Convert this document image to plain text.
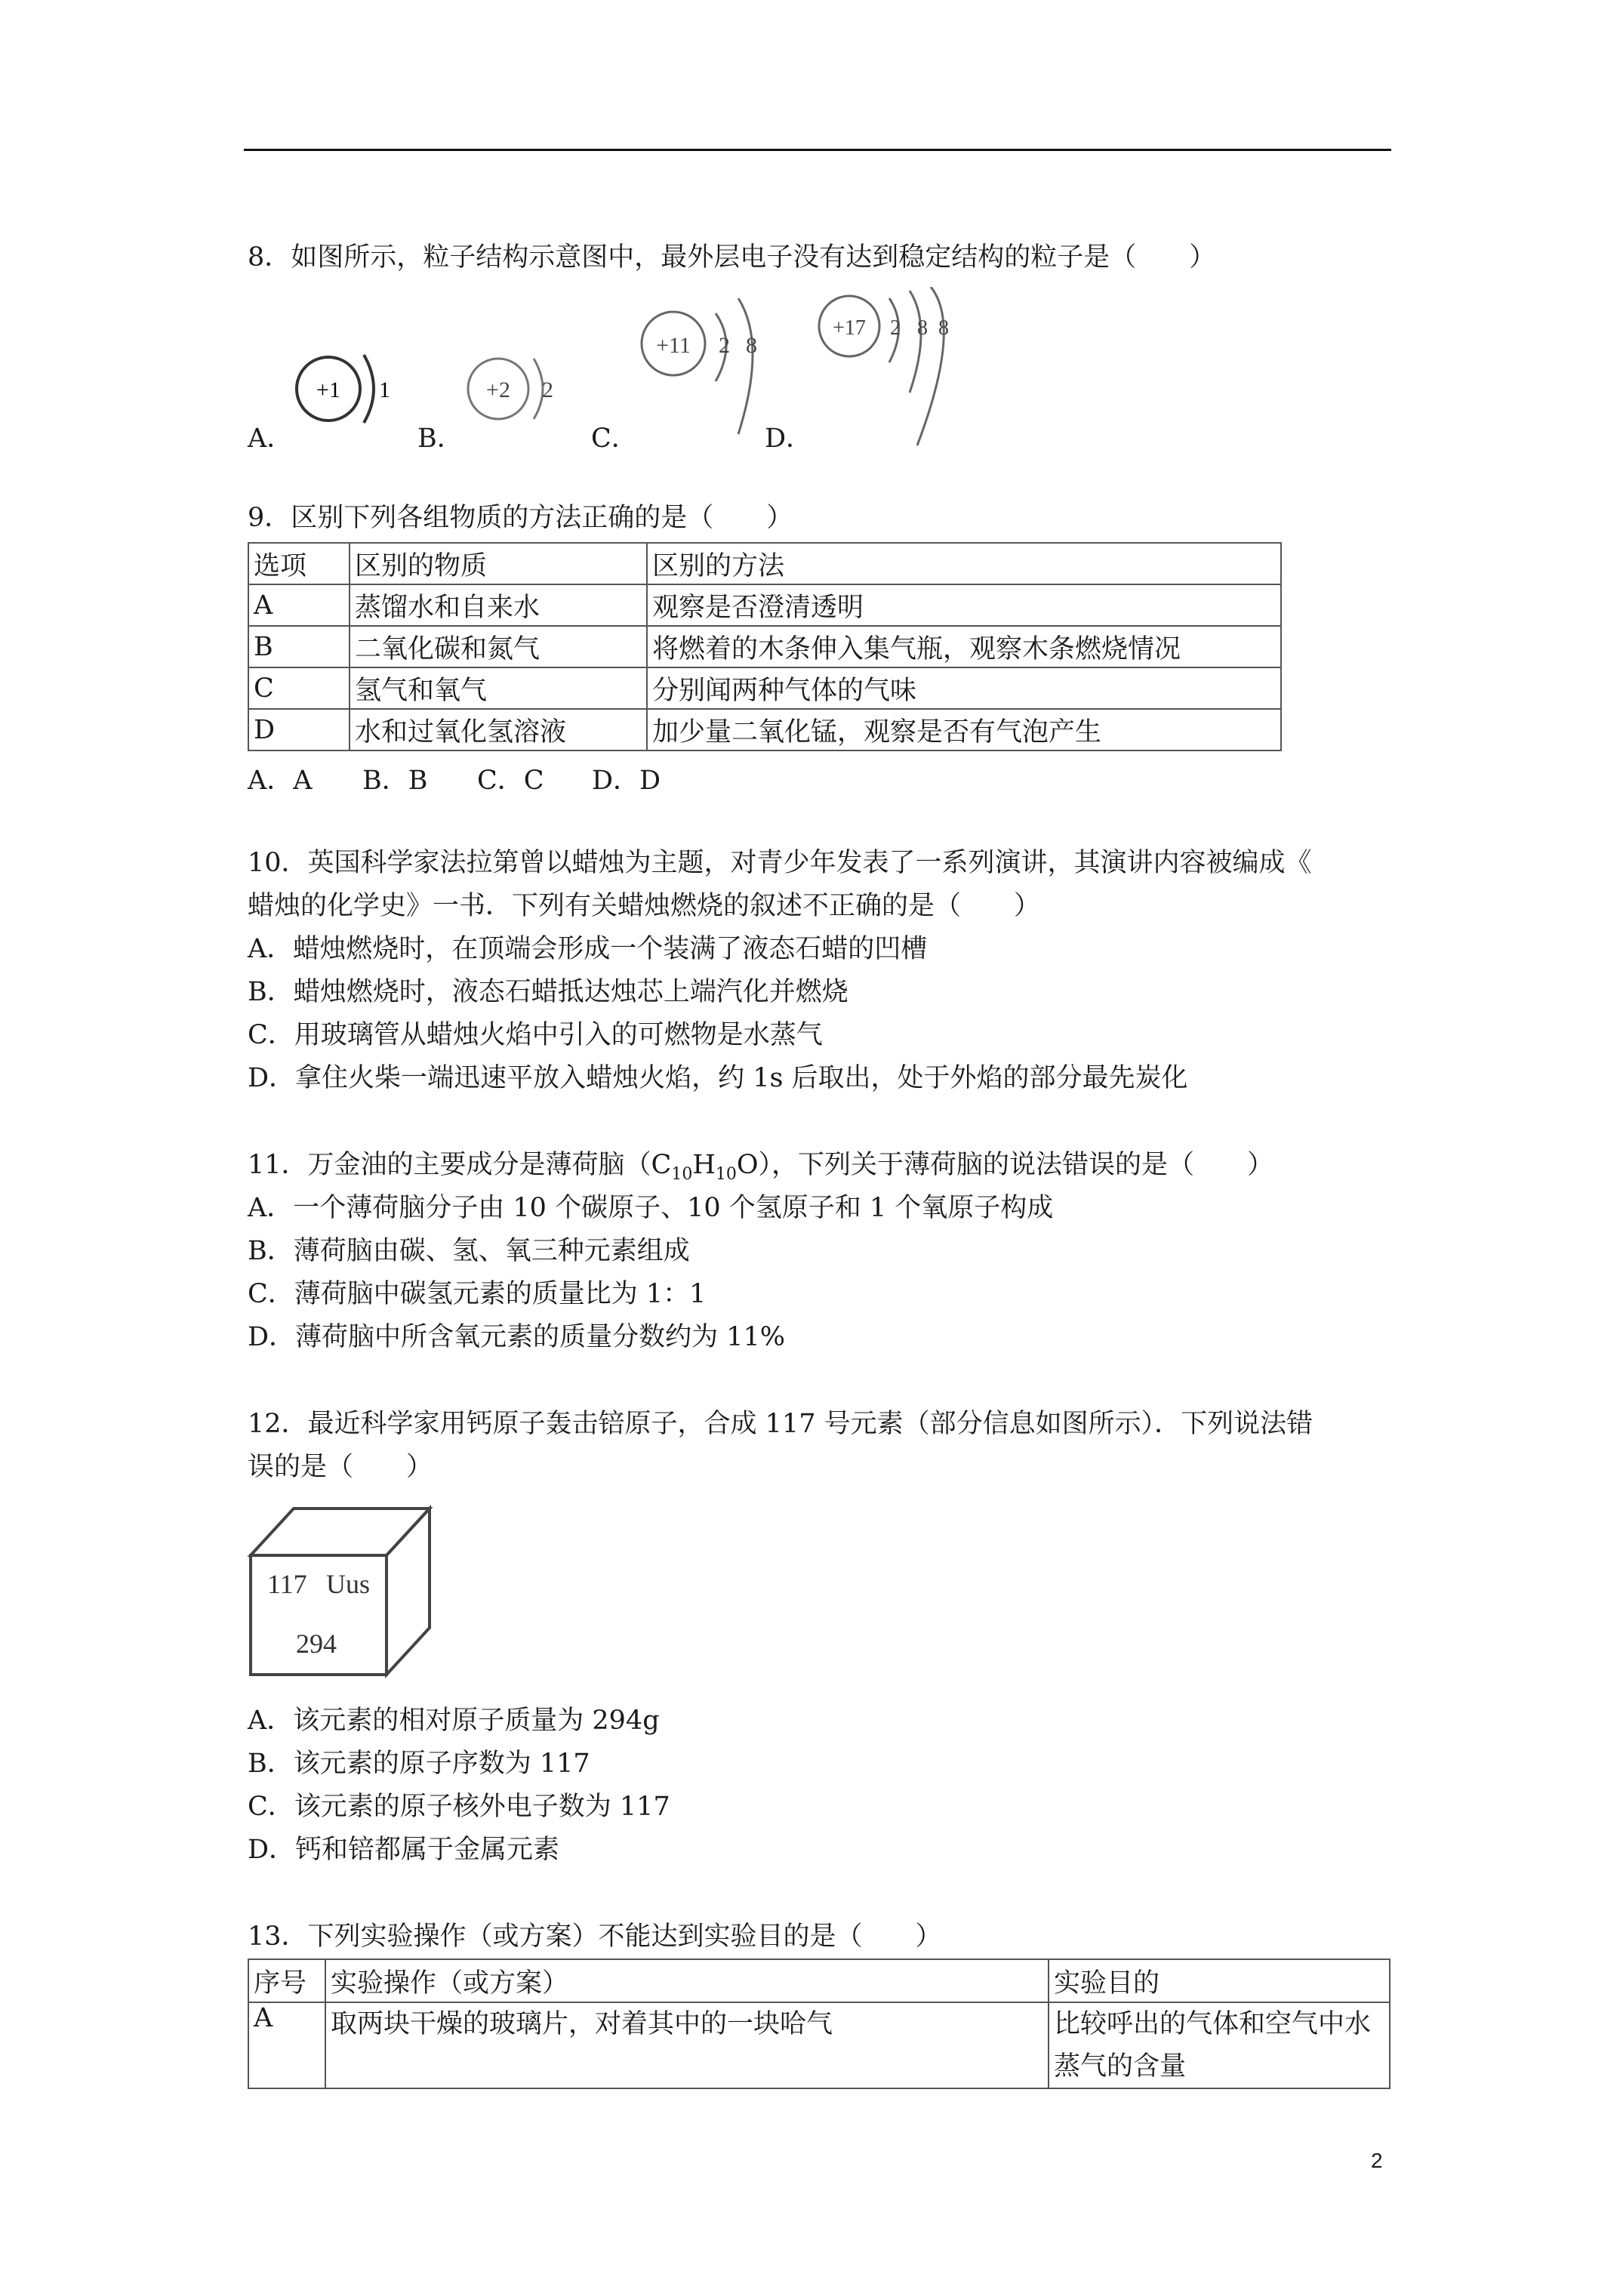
8．如图所示，粒子结构示意图中，最外层电子没有达到稳定结构的粒子是（　　）
A．
+1 1
B．
+2 2
C．
+11 2 8
D．
+17 2 8 8
9．区别下列各组物质的方法正确的是（　　）
选项	区别的物质	区别的方法
A	蒸馏水和自来水	观察是否澄清透明
B	二氧化碳和氮气	将燃着的木条伸入集气瓶，观察木条燃烧情况
C	氢气和氧气	分别闻两种气体的气味
D	水和过氧化氢溶液	加少量二氧化锰，观察是否有气泡产生
A．A B．B C．C D．D
10．英国科学家法拉第曾以蜡烛为主题，对青少年发表了一系列演讲，其演讲内容被编成《
蜡烛的化学史》一书．下列有关蜡烛燃烧的叙述不正确的是（　　）
A．蜡烛燃烧时，在顶端会形成一个装满了液态石蜡的凹槽
B．蜡烛燃烧时，液态石蜡抵达烛芯上端汽化并燃烧
C．用玻璃管从蜡烛火焰中引入的可燃物是水蒸气
D．拿住火柴一端迅速平放入蜡烛火焰，约 1s 后取出，处于外焰的部分最先炭化
11．万金油的主要成分是薄荷脑$(C_{10}H_{10}O)$，下列关于薄荷脑的说法错误的是（　　）
A．一个薄荷脑分子由 10 个碳原子、10 个氢原子和 1 个氧原子构成
B．薄荷脑由碳、氢、氧三种元素组成
C．薄荷脑中碳氢元素的质量比为 1：1
D．薄荷脑中所含氧元素的质量分数约为 11%
12．最近科学家用钙原子轰击锫原子，合成 117 号元素（部分信息如图所示）．下列说法错
误的是（　　）
117 Uus
294
A．该元素的相对原子质量为 294g
B．该元素的原子序数为 117
C．该元素的原子核外电子数为 117
D．钙和锫都属于金属元素
13．下列实验操作（或方案）不能达到实验目的是（　　）
序号	实验操作（或方案）	实验目的
A	取两块干燥的玻璃片，对着其中的一块哈气	比较呼出的气体和空气中水
蒸气的含量
2
